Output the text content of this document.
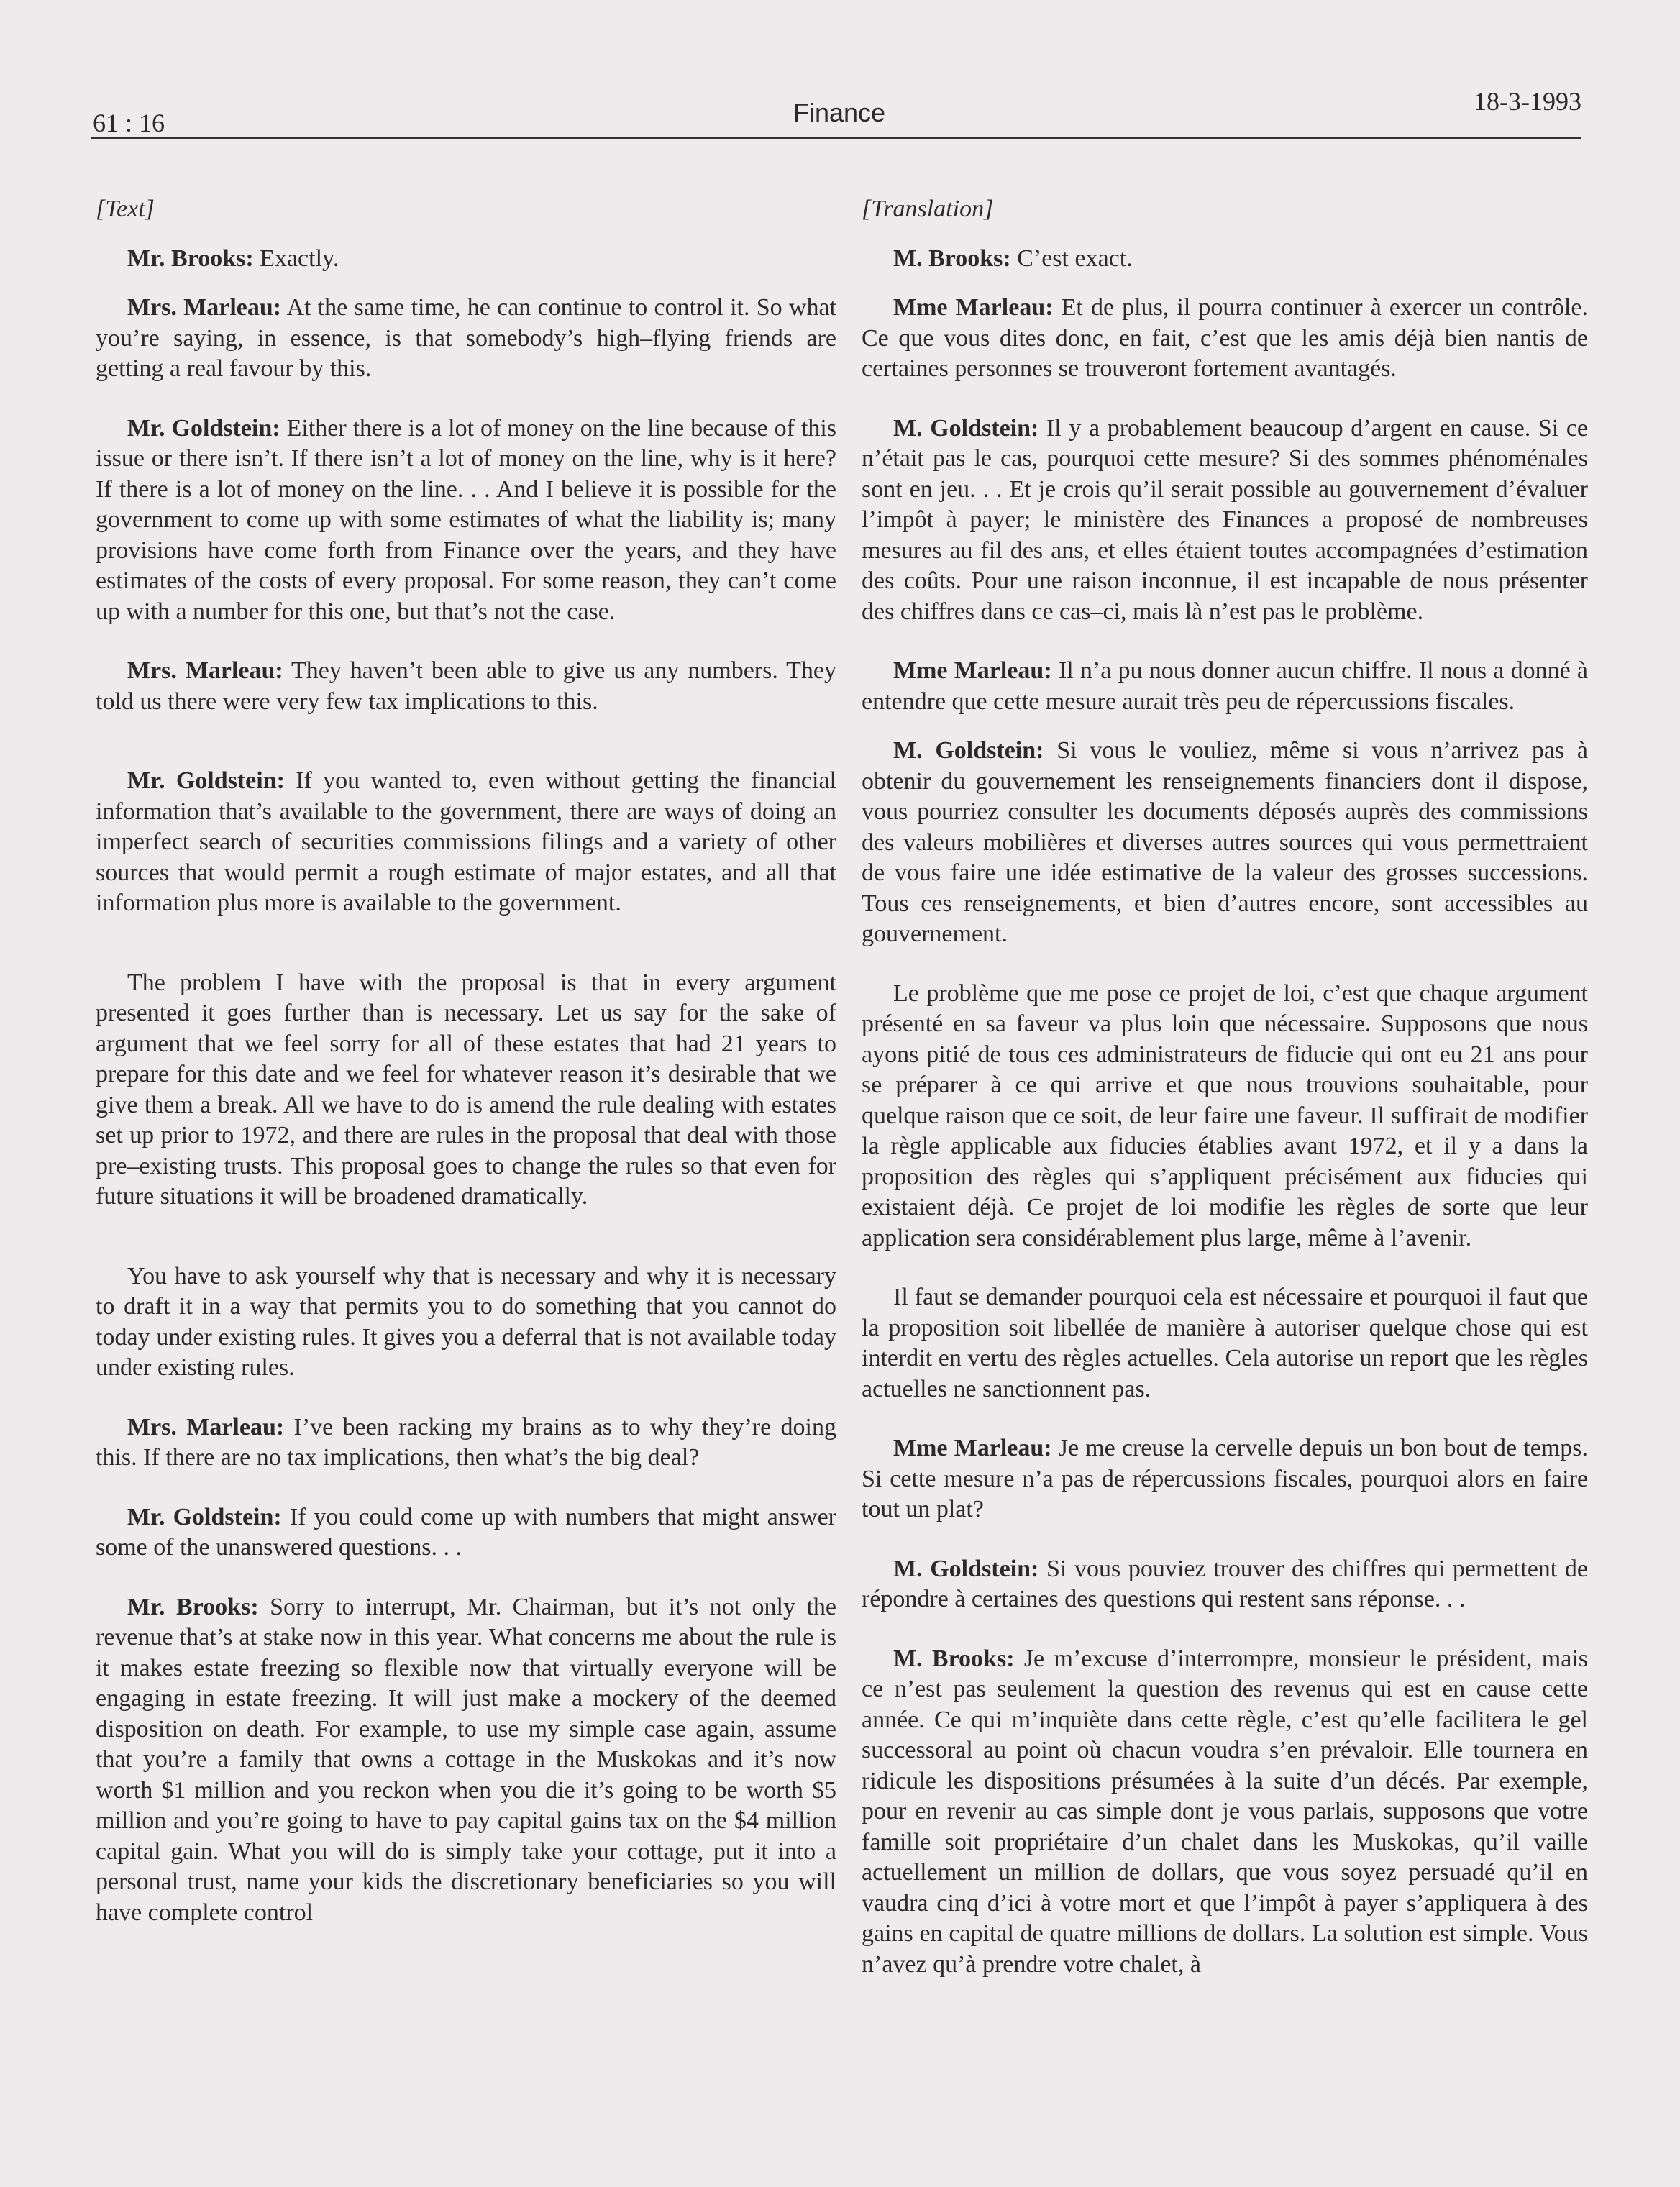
61 : 16	Finance	18-3-1993

[Text]

Mr. Brooks: Exactly.

Mrs. Marleau: At the same time, he can continue to control it. So what you’re saying, in essence, is that somebody’s high–flying friends are getting a real favour by this.

Mr. Goldstein: Either there is a lot of money on the line because of this issue or there isn’t. If there isn’t a lot of money on the line, why is it here? If there is a lot of money on the line. . . And I believe it is possible for the government to come up with some estimates of what the liability is; many provisions have come forth from Finance over the years, and they have estimates of the costs of every proposal. For some reason, they can’t come up with a number for this one, but that’s not the case.

Mrs. Marleau: They haven’t been able to give us any numbers. They told us there were very few tax implications to this.

Mr. Goldstein: If you wanted to, even without getting the financial information that’s available to the government, there are ways of doing an imperfect search of securities commissions filings and a variety of other sources that would permit a rough estimate of major estates, and all that information plus more is available to the government.

The problem I have with the proposal is that in every argument presented it goes further than is necessary. Let us say for the sake of argument that we feel sorry for all of these estates that had 21 years to prepare for this date and we feel for whatever reason it’s desirable that we give them a break. All we have to do is amend the rule dealing with estates set up prior to 1972, and there are rules in the proposal that deal with those pre–existing trusts. This proposal goes to change the rules so that even for future situations it will be broadened dramatically.

You have to ask yourself why that is necessary and why it is necessary to draft it in a way that permits you to do something that you cannot do today under existing rules. It gives you a deferral that is not available today under existing rules.

Mrs. Marleau: I’ve been racking my brains as to why they’re doing this. If there are no tax implications, then what’s the big deal?

Mr. Goldstein: If you could come up with numbers that might answer some of the unanswered questions. . .

Mr. Brooks: Sorry to interrupt, Mr. Chairman, but it’s not only the revenue that’s at stake now in this year. What concerns me about the rule is it makes estate freezing so flexible now that virtually everyone will be engaging in estate freezing. It will just make a mockery of the deemed disposition on death. For example, to use my simple case again, assume that you’re a family that owns a cottage in the Muskokas and it’s now worth $1 million and you reckon when you die it’s going to be worth $5 million and you’re going to have to pay capital gains tax on the $4 million capital gain. What you will do is simply take your cottage, put it into a personal trust, name your kids the discretionary beneficiaries so you will have complete control

[Translation]

M. Brooks: C’est exact.

Mme Marleau: Et de plus, il pourra continuer à exercer un contrôle. Ce que vous dites donc, en fait, c’est que les amis déjà bien nantis de certaines personnes se trouveront fortement avantagés.

M. Goldstein: Il y a probablement beaucoup d’argent en cause. Si ce n’était pas le cas, pourquoi cette mesure? Si des sommes phénoménales sont en jeu. . . Et je crois qu’il serait possible au gouvernement d’évaluer l’impôt à payer; le ministère des Finances a proposé de nombreuses mesures au fil des ans, et elles étaient toutes accompagnées d’estimation des coûts. Pour une raison inconnue, il est incapable de nous présenter des chiffres dans ce cas–ci, mais là n’est pas le problème.

Mme Marleau: Il n’a pu nous donner aucun chiffre. Il nous a donné à entendre que cette mesure aurait très peu de répercussions fiscales.

M. Goldstein: Si vous le vouliez, même si vous n’arrivez pas à obtenir du gouvernement les renseignements financiers dont il dispose, vous pourriez consulter les documents déposés auprès des commissions des valeurs mobilières et diverses autres sources qui vous permettraient de vous faire une idée estimative de la valeur des grosses successions. Tous ces renseignements, et bien d’autres encore, sont accessibles au gouvernement.

Le problème que me pose ce projet de loi, c’est que chaque argument présenté en sa faveur va plus loin que nécessaire. Supposons que nous ayons pitié de tous ces administrateurs de fiducie qui ont eu 21 ans pour se préparer à ce qui arrive et que nous trouvions souhaitable, pour quelque raison que ce soit, de leur faire une faveur. Il suffirait de modifier la règle applicable aux fiducies établies avant 1972, et il y a dans la proposition des règles qui s’appliquent précisément aux fiducies qui existaient déjà. Ce projet de loi modifie les règles de sorte que leur application sera considérablement plus large, même à l’avenir.

Il faut se demander pourquoi cela est nécessaire et pourquoi il faut que la proposition soit libellée de manière à autoriser quelque chose qui est interdit en vertu des règles actuelles. Cela autorise un report que les règles actuelles ne sanctionnent pas.

Mme Marleau: Je me creuse la cervelle depuis un bon bout de temps. Si cette mesure n’a pas de répercussions fiscales, pourquoi alors en faire tout un plat?

M. Goldstein: Si vous pouviez trouver des chiffres qui permettent de répondre à certaines des questions qui restent sans réponse. . .

M. Brooks: Je m’excuse d’interrompre, monsieur le président, mais ce n’est pas seulement la question des revenus qui est en cause cette année. Ce qui m’inquiète dans cette règle, c’est qu’elle facilitera le gel successoral au point où chacun voudra s’en prévaloir. Elle tournera en ridicule les dispositions présumées à la suite d’un décés. Par exemple, pour en revenir au cas simple dont je vous parlais, supposons que votre famille soit propriétaire d’un chalet dans les Muskokas, qu’il vaille actuellement un million de dollars, que vous soyez persuadé qu’il en vaudra cinq d’ici à votre mort et que l’impôt à payer s’appliquera à des gains en capital de quatre millions de dollars. La solution est simple. Vous n’avez qu’à prendre votre chalet, à
